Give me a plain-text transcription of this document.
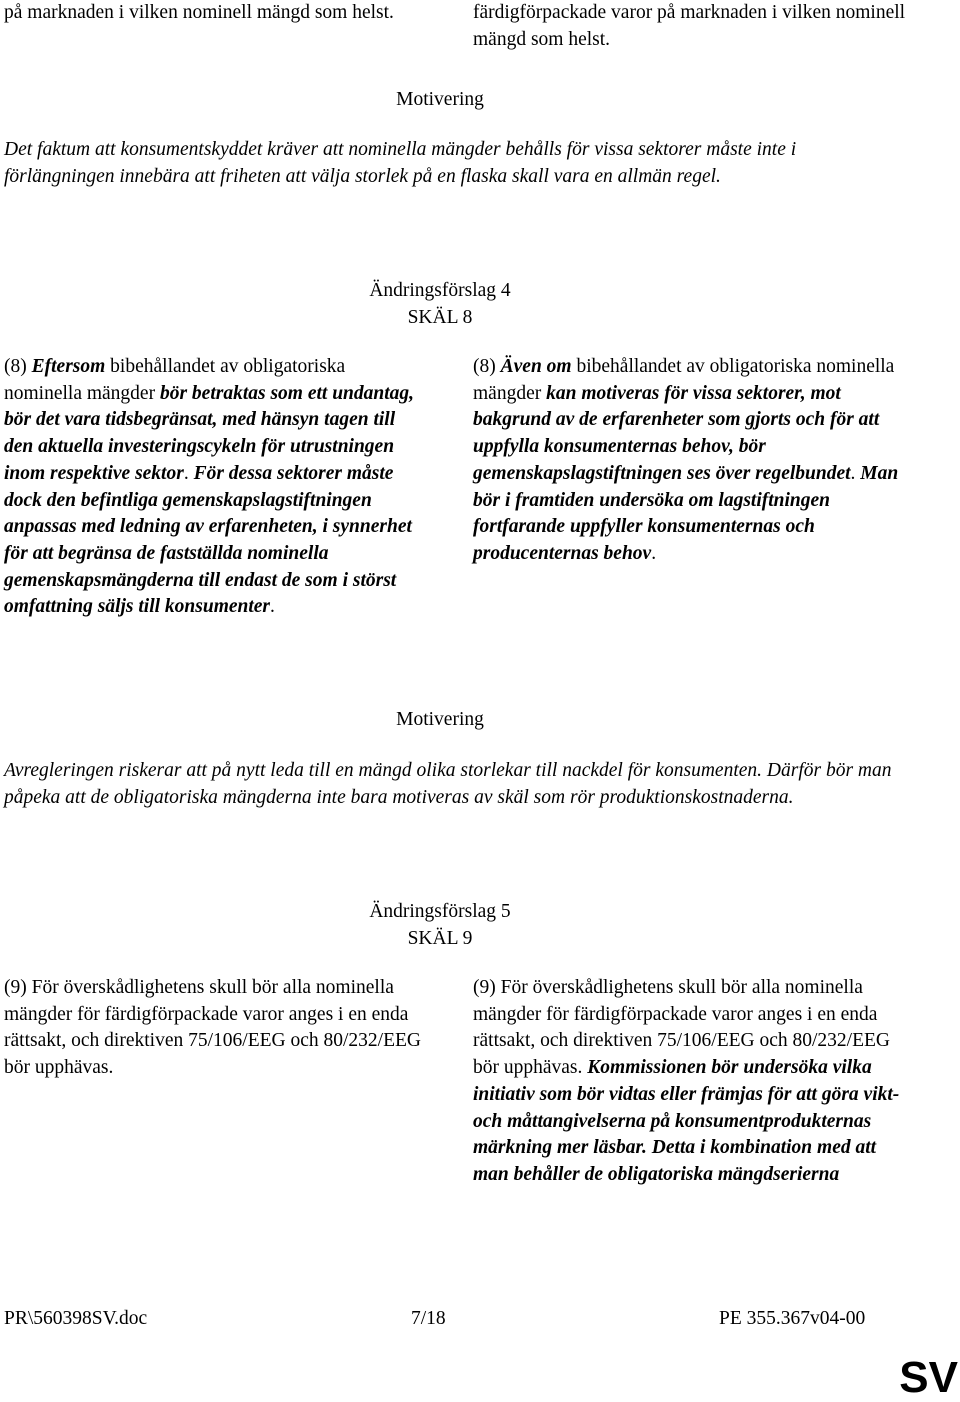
på marknaden i vilken nominell mängd som helst.	färdigförpackade varor på marknaden i vilken nominell mängd som helst.
Motivering
Det faktum att konsumentskyddet kräver att nominella mängder behålls för vissa sektorer måste inte i förlängningen innebära att friheten att välja storlek på en flaska skall vara en allmän regel.
Ändringsförslag 4
SKÄL 8
(8) Eftersom bibehållandet av obligatoriska nominella mängder bör betraktas som ett undantag, bör det vara tidsbegränsat, med hänsyn tagen till den aktuella investeringscykeln för utrustningen inom respektive sektor. För dessa sektorer måste dock den befintliga gemenskapslagstiftningen anpassas med ledning av erfarenheten, i synnerhet för att begränsa de fastställda nominella gemenskapsmängderna till endast de som i störst omfattning säljs till konsumenter.
(8) Även om bibehållandet av obligatoriska nominella mängder kan motiveras för vissa sektorer, mot bakgrund av de erfarenheter som gjorts och för att uppfylla konsumenternas behov, bör gemenskapslagstiftningen ses över regelbundet. Man bör i framtiden undersöka om lagstiftningen fortfarande uppfyller konsumenternas och producenternas behov.
Motivering
Avregleringen riskerar att på nytt leda till en mängd olika storlekar till nackdel för konsumenten. Därför bör man påpeka att de obligatoriska mängderna inte bara motiveras av skäl som rör produktionskostnaderna.
Ändringsförslag 5
SKÄL 9
(9) För överskådlighetens skull bör alla nominella mängder för färdigförpackade varor anges i en enda rättsakt, och direktiven 75/106/EEG och 80/232/EEG bör upphävas.
(9) För överskådlighetens skull bör alla nominella mängder för färdigförpackade varor anges i en enda rättsakt, och direktiven 75/106/EEG och 80/232/EEG bör upphävas. Kommissionen bör undersöka vilka initiativ som bör vidtas eller främjas för att göra vikt- och måttangivelserna på konsumentprodukternas märkning mer läsbar. Detta i kombination med att man behåller de obligatoriska mängdserierna
PR\560398SV.doc	7/18	PE 355.367v04-00
SV
